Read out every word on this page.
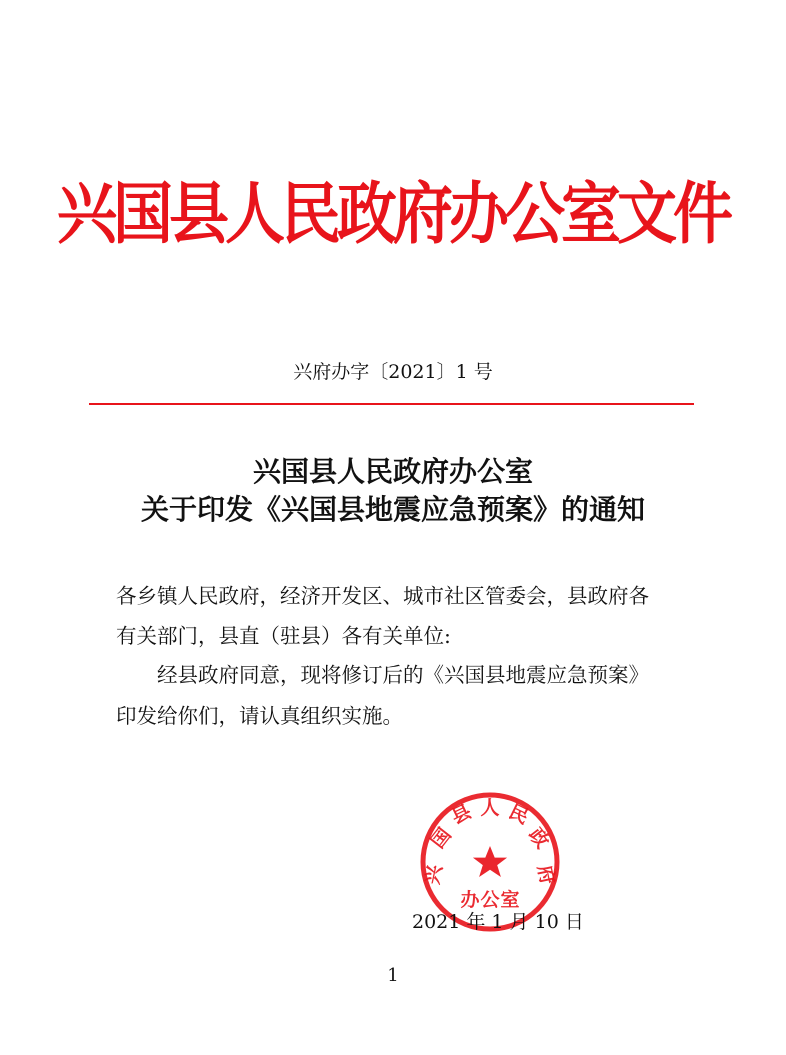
兴国县人民政府办公室文件
兴府办字〔2021〕1 号
兴国县人民政府办公室
关于印发《兴国县地震应急预案》的通知
各乡镇人民政府，经济开发区、城市社区管委会，县政府各
有关部门，县直（驻县）各有关单位:
　　经县政府同意，现将修订后的《兴国县地震应急预案》
印发给你们，请认真组织实施。
兴
国
县 人 民
政
府
办 公 室
2021 年 1 月 10 日
1
